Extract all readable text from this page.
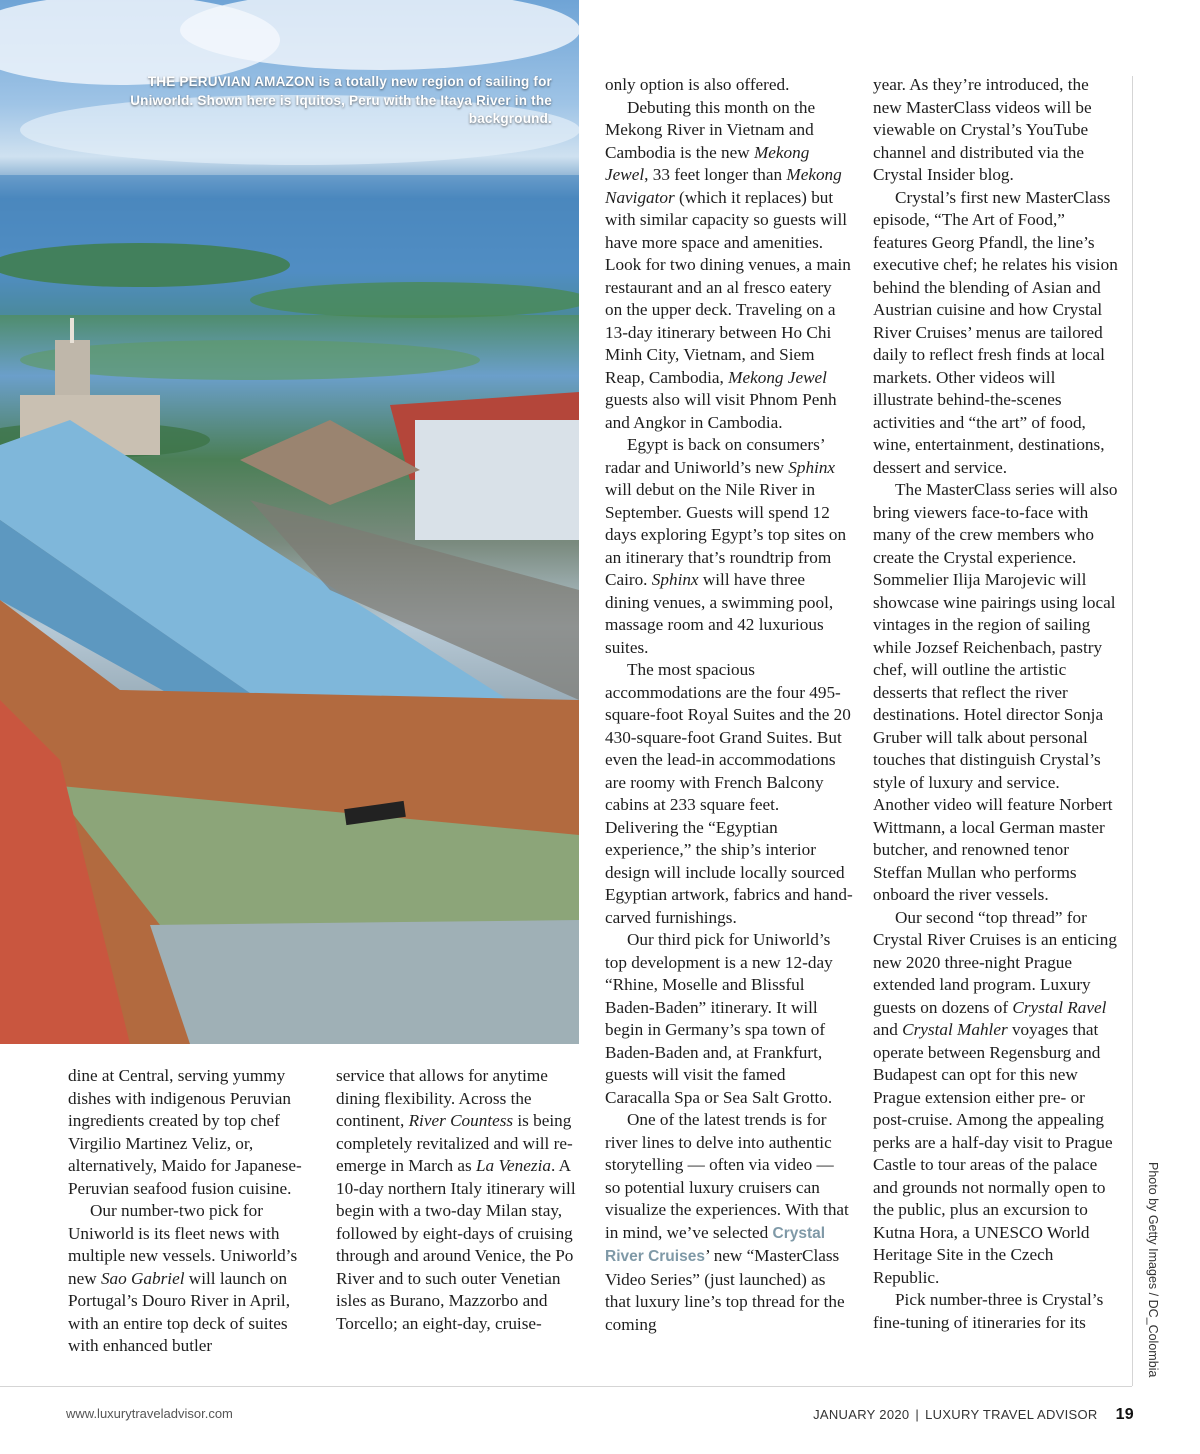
THE PERUVIAN AMAZON is a totally new region of sailing for Uniworld. Shown here is Iquitos, Peru with the Itaya River in the background.

dine at Central, serving yummy dishes with indigenous Peruvian ingredients created by top chef Virgilio Martinez Veliz, or, alternatively, Maido for Japanese-Peruvian seafood fusion cuisine.

Our number-two pick for Uniworld is its fleet news with multiple new vessels. Uniworld’s new Sao Gabriel will launch on Portugal’s Douro River in April, with an entire top deck of suites with enhanced butler

service that allows for anytime dining flexibility. Across the continent, River Countess is being completely revitalized and will re-emerge in March as La Venezia. A 10-day northern Italy itinerary will begin with a two-day Milan stay, followed by eight-days of cruising through and around Venice, the Po River and to such outer Venetian isles as Burano, Mazzorbo and Torcello; an eight-day, cruise-

only option is also offered.

Debuting this month on the Mekong River in Vietnam and Cambodia is the new Mekong Jewel, 33 feet longer than Mekong Navigator (which it replaces) but with similar capacity so guests will have more space and amenities. Look for two dining venues, a main restaurant and an al fresco eatery on the upper deck. Traveling on a 13-day itinerary between Ho Chi Minh City, Vietnam, and Siem Reap, Cambodia, Mekong Jewel guests also will visit Phnom Penh and Angkor in Cambodia.

Egypt is back on consumers’ radar and Uniworld’s new Sphinx will debut on the Nile River in September. Guests will spend 12 days exploring Egypt’s top sites on an itinerary that’s roundtrip from Cairo. Sphinx will have three dining venues, a swimming pool, massage room and 42 luxurious suites.

The most spacious accommodations are the four 495-square-foot Royal Suites and the 20 430-square-foot Grand Suites. But even the lead-in accommodations are roomy with French Balcony cabins at 233 square feet. Delivering the “Egyptian experience,” the ship’s interior design will include locally sourced Egyptian artwork, fabrics and hand-carved furnishings.

Our third pick for Uniworld’s top development is a new 12-day “Rhine, Moselle and Blissful Baden-Baden” itinerary. It will begin in Germany’s spa town of Baden-Baden and, at Frankfurt, guests will visit the famed Caracalla Spa or Sea Salt Grotto.

One of the latest trends is for river lines to delve into authentic storytelling — often via video — so potential luxury cruisers can visualize the experiences. With that in mind, we’ve selected Crystal River Cruises’ new “MasterClass Video Series” (just launched) as that luxury line’s top thread for the coming

year. As they’re introduced, the new MasterClass videos will be viewable on Crystal’s YouTube channel and distributed via the Crystal Insider blog.

Crystal’s first new MasterClass episode, “The Art of Food,” features Georg Pfandl, the line’s executive chef; he relates his vision behind the blending of Asian and Austrian cuisine and how Crystal River Cruises’ menus are tailored daily to reflect fresh finds at local markets. Other videos will illustrate behind-the-scenes activities and “the art” of food, wine, entertainment, destinations, dessert and service.

The MasterClass series will also bring viewers face-to-face with many of the crew members who create the Crystal experience. Sommelier Ilija Marojevic will showcase wine pairings using local vintages in the region of sailing while Jozsef Reichenbach, pastry chef, will outline the artistic desserts that reflect the river destinations. Hotel director Sonja Gruber will talk about personal touches that distinguish Crystal’s style of luxury and service. Another video will feature Norbert Wittmann, a local German master butcher, and renowned tenor Steffan Mullan who performs onboard the river vessels.

Our second “top thread” for Crystal River Cruises is an enticing new 2020 three-night Prague extended land program. Luxury guests on dozens of Crystal Ravel and Crystal Mahler voyages that operate between Regensburg and Budapest can opt for this new Prague extension either pre- or post-cruise. Among the appealing perks are a half-day visit to Prague Castle to tour areas of the palace and grounds not normally open to the public, plus an excursion to Kutna Hora, a UNESCO World Heritage Site in the Czech Republic.

Pick number-three is Crystal’s fine-tuning of itineraries for its	Photo by Getty Images / DC_Colombia
www.luxurytraveladvisor.com	JANUARY 2020 | LUXURY TRAVEL ADVISOR 19
